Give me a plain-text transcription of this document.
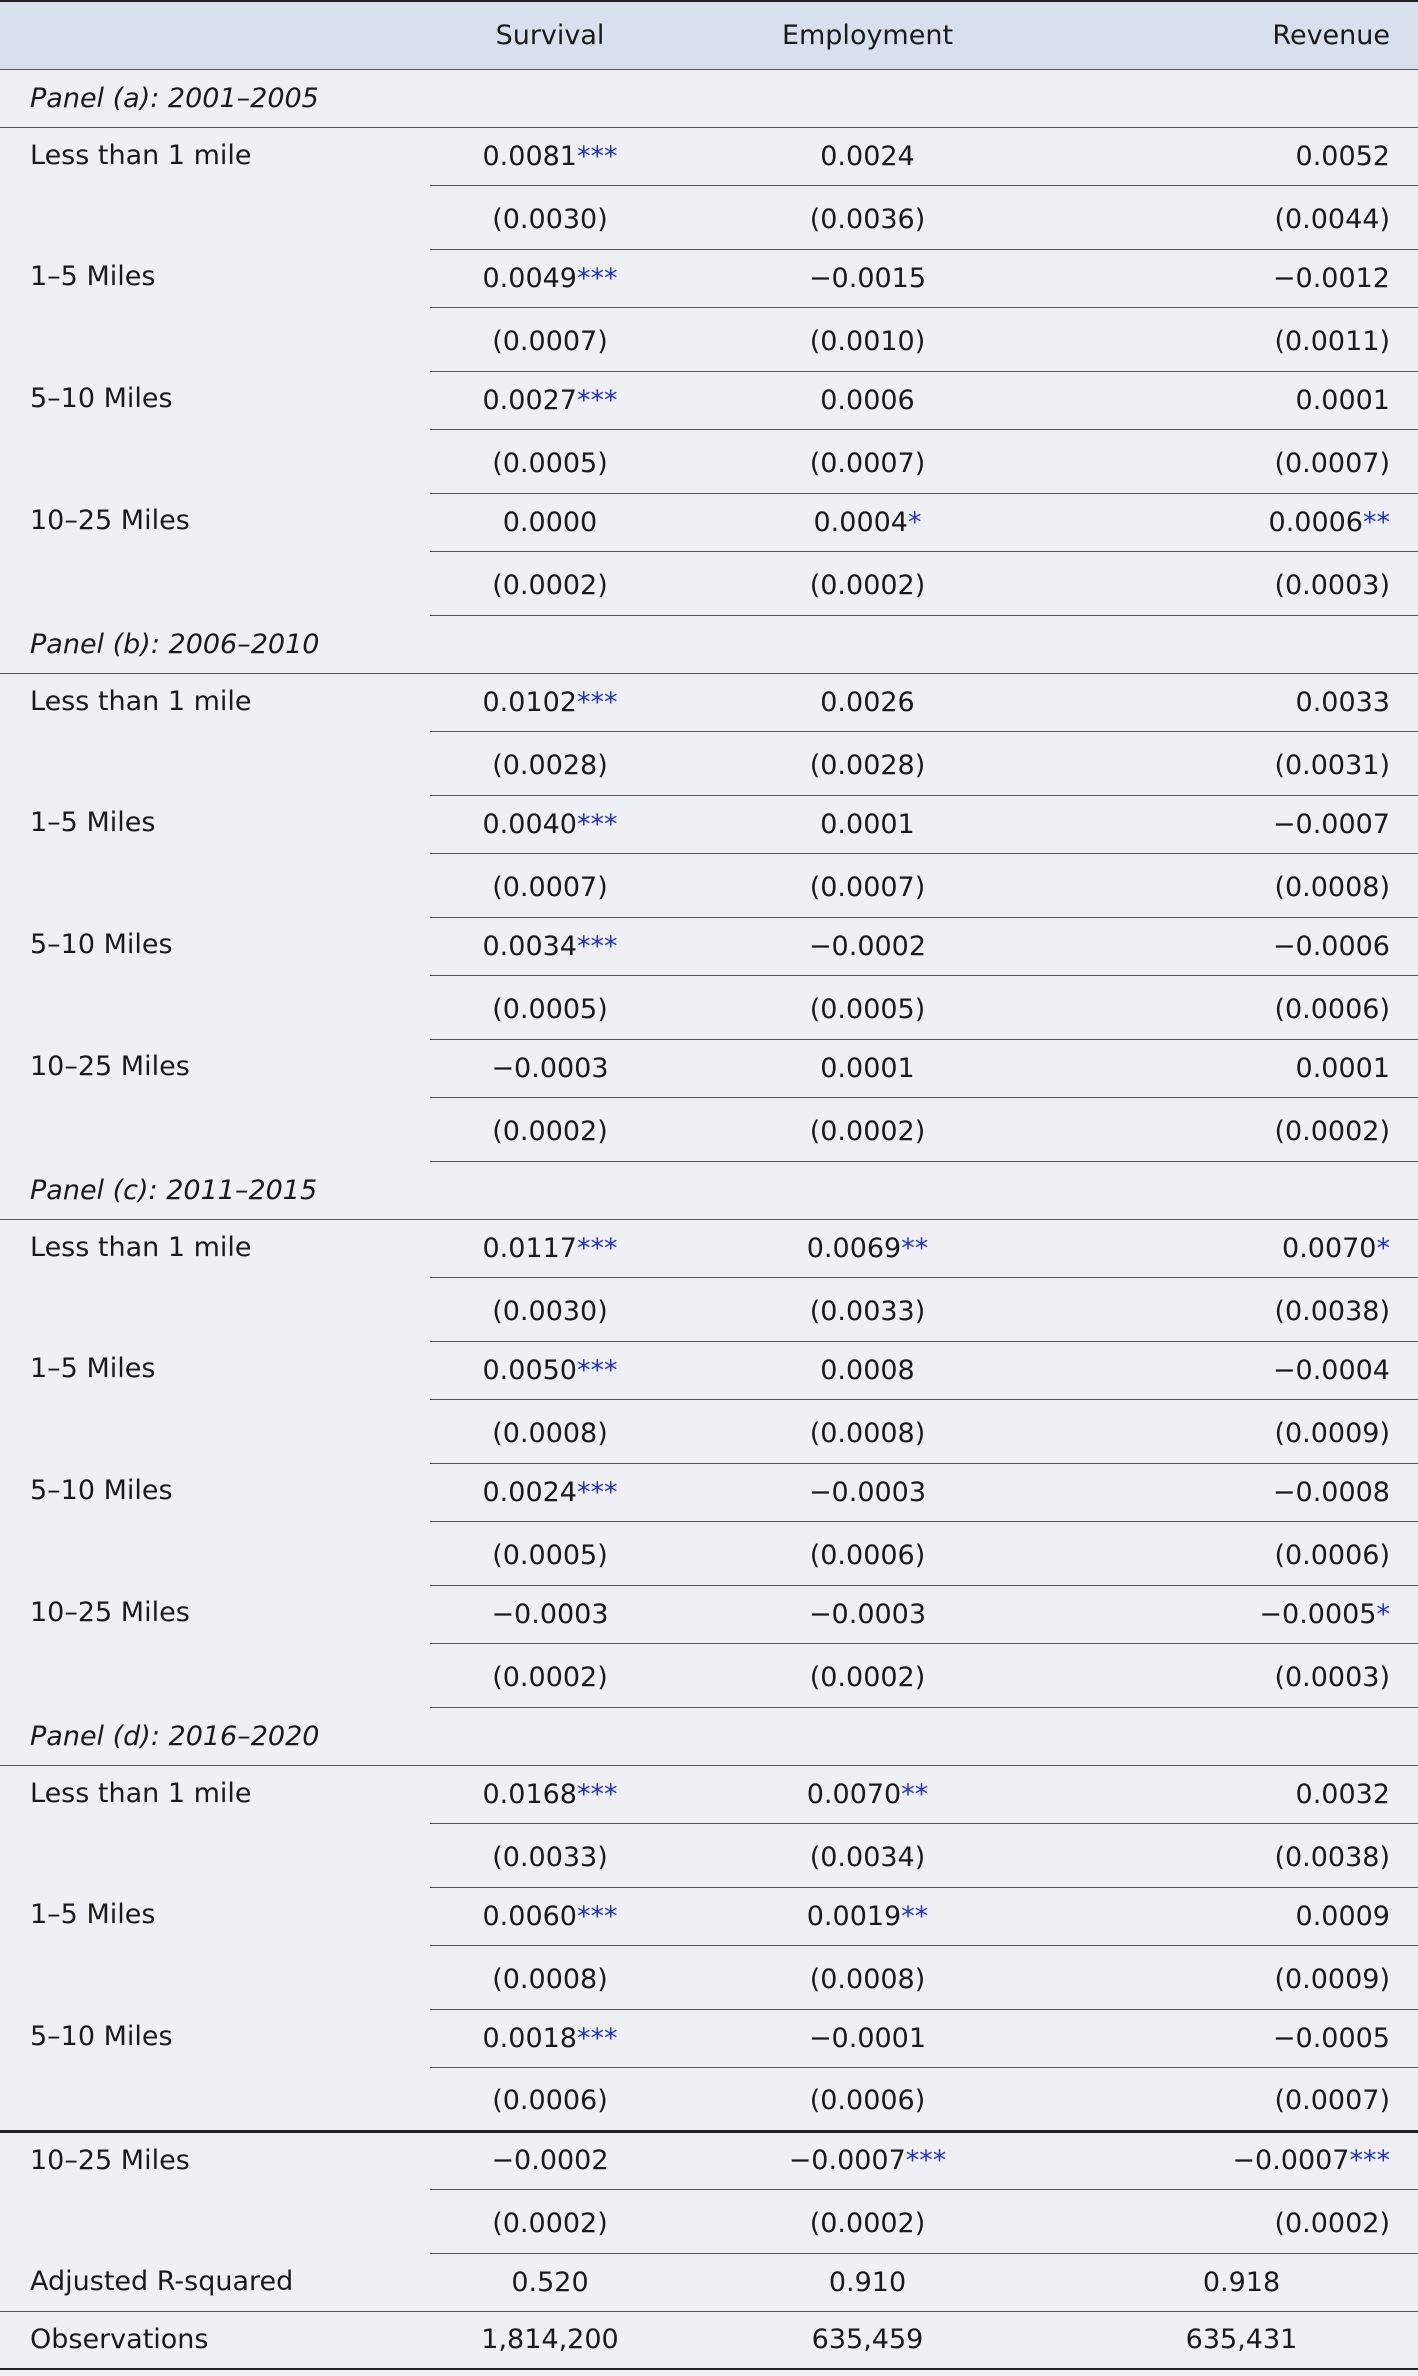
	Survival	Employment	Revenue
Panel (a): 2001–2005			
Less than 1 mile	0.0081***	0.0024	0.0052
	(0.0030)	(0.0036)	(0.0044)
1–5 Miles	0.0049***	−0.0015	−0.0012
	(0.0007)	(0.0010)	(0.0011)
5–10 Miles	0.0027***	0.0006	0.0001
	(0.0005)	(0.0007)	(0.0007)
10–25 Miles	0.0000	0.0004*	0.0006**
	(0.0002)	(0.0002)	(0.0003)
Panel (b): 2006–2010			
Less than 1 mile	0.0102***	0.0026	0.0033
	(0.0028)	(0.0028)	(0.0031)
1–5 Miles	0.0040***	0.0001	−0.0007
	(0.0007)	(0.0007)	(0.0008)
5–10 Miles	0.0034***	−0.0002	−0.0006
	(0.0005)	(0.0005)	(0.0006)
10–25 Miles	−0.0003	0.0001	0.0001
	(0.0002)	(0.0002)	(0.0002)
Panel (c): 2011–2015			
Less than 1 mile	0.0117***	0.0069**	0.0070*
	(0.0030)	(0.0033)	(0.0038)
1–5 Miles	0.0050***	0.0008	−0.0004
	(0.0008)	(0.0008)	(0.0009)
5–10 Miles	0.0024***	−0.0003	−0.0008
	(0.0005)	(0.0006)	(0.0006)
10–25 Miles	−0.0003	−0.0003	−0.0005*
	(0.0002)	(0.0002)	(0.0003)
Panel (d): 2016–2020			
Less than 1 mile	0.0168***	0.0070**	0.0032
	(0.0033)	(0.0034)	(0.0038)
1–5 Miles	0.0060***	0.0019**	0.0009
	(0.0008)	(0.0008)	(0.0009)
5–10 Miles	0.0018***	−0.0001	−0.0005
	(0.0006)	(0.0006)	(0.0007)
10–25 Miles	−0.0002	−0.0007***	−0.0007***
	(0.0002)	(0.0002)	(0.0002)
Adjusted R-squared	0.520	0.910	0.918
Observations	1,814,200	635,459	635,431
